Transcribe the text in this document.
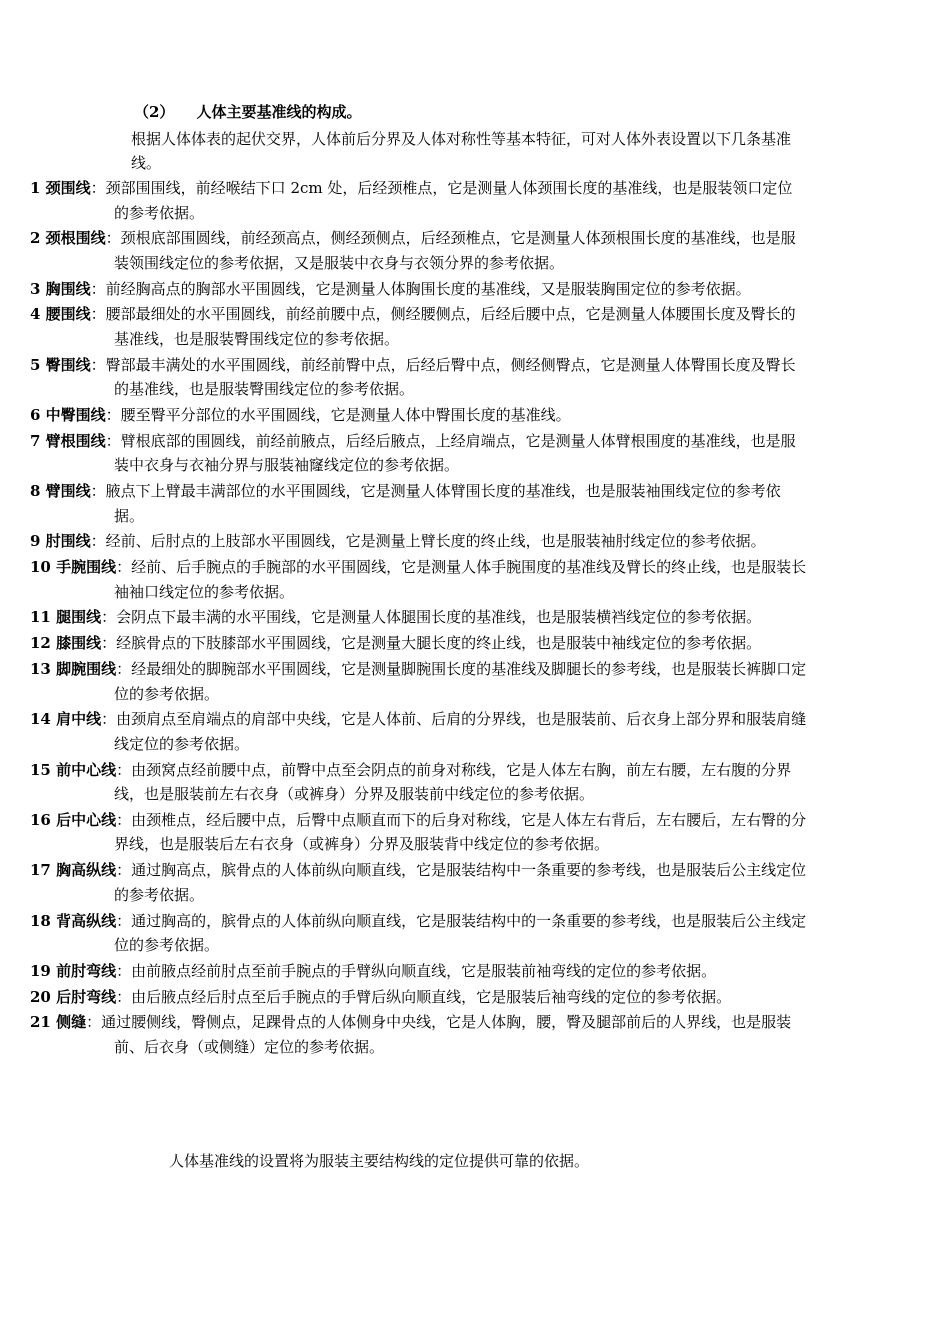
（2） 人体主要基准线的构成。
根据人体体表的起伏交界，人体前后分界及人体对称性等基本特征，可对人体外表设置以下几条基准线。
1 颈围线：颈部围围线，前经喉结下口 2cm 处，后经颈椎点，它是测量人体颈围长度的基准线，也是服装领口定位的参考依据。
2 颈根围线：颈根底部围圆线，前经颈高点，侧经颈侧点，后经颈椎点，它是测量人体颈根围长度的基准线，也是服装领围线定位的参考依据，又是服装中衣身与衣领分界的参考依据。
3 胸围线：前经胸高点的胸部水平围圆线，它是测量人体胸围长度的基准线，又是服装胸围定位的参考依据。
4 腰围线：腰部最细处的水平围圆线，前经前腰中点，侧经腰侧点，后经后腰中点，它是测量人体腰围长度及臀长的基准线，也是服装臀围线定位的参考依据。
5 臀围线：臀部最丰满处的水平围圆线，前经前臀中点，后经后臀中点，侧经侧臀点，它是测量人体臀围长度及臀长的基准线，也是服装臀围线定位的参考依据。
6 中臀围线：腰至臀平分部位的水平围圆线，它是测量人体中臀围长度的基准线。
7 臂根围线：臂根底部的围圆线，前经前腋点，后经后腋点，上经肩端点，它是测量人体臂根围度的基准线，也是服装中衣身与衣袖分界与服装袖窿线定位的参考依据。
8 臂围线：腋点下上臂最丰满部位的水平围圆线，它是测量人体臂围长度的基准线，也是服装袖围线定位的参考依据。
9 肘围线：经前、后肘点的上肢部水平围圆线，它是测量上臂长度的终止线，也是服装袖肘线定位的参考依据。
10 手腕围线：经前、后手腕点的手腕部的水平围圆线，它是测量人体手腕围度的基准线及臂长的终止线，也是服装长袖袖口线定位的参考依据。
11 腿围线：会阴点下最丰满的水平围线，它是测量人体腿围长度的基准线，也是服装横裆线定位的参考依据。
12 膝围线：经膑骨点的下肢膝部水平围圆线，它是测量大腿长度的终止线，也是服装中袖线定位的参考依据。
13 脚腕围线：经最细处的脚腕部水平围圆线，它是测量脚腕围长度的基准线及脚腿长的参考线，也是服装长裤脚口定位的参考依据。
14 肩中线：由颈肩点至肩端点的肩部中央线，它是人体前、后肩的分界线，也是服装前、后衣身上部分界和服装肩缝线定位的参考依据。
15 前中心线：由颈窝点经前腰中点，前臀中点至会阴点的前身对称线，它是人体左右胸，前左右腰，左右腹的分界线，也是服装前左右衣身（或裤身）分界及服装前中线定位的参考依据。
16 后中心线：由颈椎点，经后腰中点，后臀中点顺直而下的后身对称线，它是人体左右背后，左右腰后，左右臀的分界线，也是服装后左右衣身（或裤身）分界及服装背中线定位的参考依据。
17 胸高纵线：通过胸高点，膑骨点的人体前纵向顺直线，它是服装结构中一条重要的参考线，也是服装后公主线定位的参考依据。
18 背高纵线：通过胸高的，膑骨点的人体前纵向顺直线，它是服装结构中的一条重要的参考线，也是服装后公主线定位的参考依据。
19 前肘弯线：由前腋点经前肘点至前手腕点的手臂纵向顺直线，它是服装前袖弯线的定位的参考依据。
20 后肘弯线：由后腋点经后肘点至后手腕点的手臂后纵向顺直线，它是服装后袖弯线的定位的参考依据。
21 侧缝：通过腰侧线，臀侧点，足踝骨点的人体侧身中央线，它是人体胸，腰，臀及腿部前后的人界线，也是服装前、后衣身（或侧缝）定位的参考依据。
人体基准线的设置将为服装主要结构线的定位提供可靠的依据。
